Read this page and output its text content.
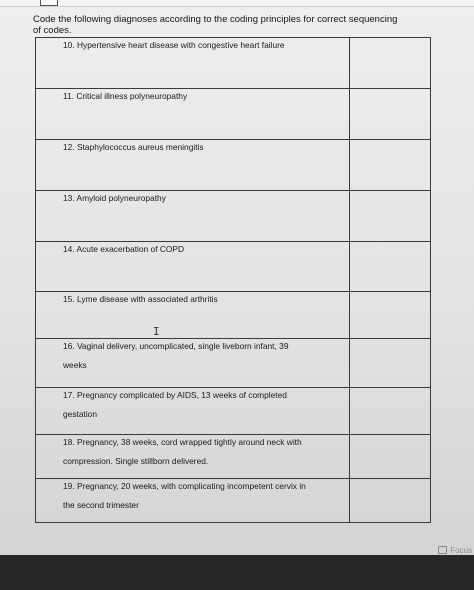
Code the following diagnoses according to the coding principles for correct sequencing
of codes.
10. Hypertensive heart disease with congestive heart failure
11. Critical illness polyneuropathy
12. Staphylococcus aureus meningitis
13. Amyloid polyneuropathy
14. Acute exacerbation of COPD
15. Lyme disease with associated arthritis
16. Vaginal delivery, uncomplicated, single liveborn infant, 39
weeks
17. Pregnancy complicated by AIDS, 13 weeks of completed
gestation
18. Pregnancy, 38 weeks, cord wrapped tightly around neck with
compression. Single stillborn delivered.
19. Pregnancy, 20 weeks, with complicating incompetent cervix in
the second trimester
I
Focus
